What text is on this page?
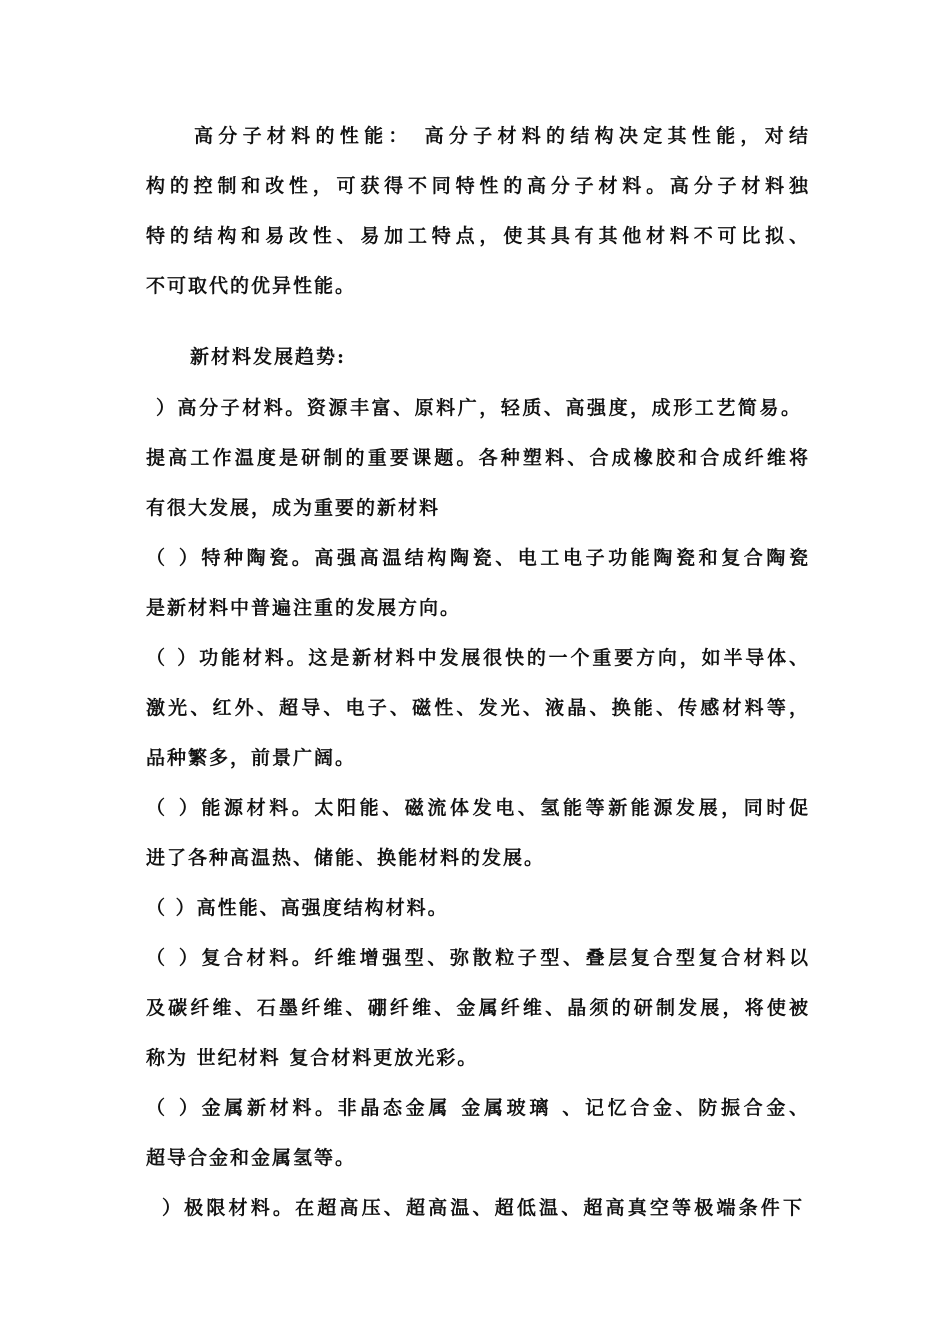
高分子材料的性能： 高分子材料的结构决定其性能，对结
构的控制和改性，可获得不同特性的高分子材料。高分子材料独
特的结构和易改性、易加工特点，使其具有其他材料不可比拟、
不可取代的优异性能。
新材料发展趋势:
）高分子材料。资源丰富、原料广，轻质、高强度，成形工艺简易。
提高工作温度是研制的重要课题。各种塑料、合成橡胶和合成纤维将
有很大发展，成为重要的新材料
（ ）特种陶瓷。高强高温结构陶瓷、电工电子功能陶瓷和复合陶瓷
是新材料中普遍注重的发展方向。
（ ）功能材料。这是新材料中发展很快的一个重要方向，如半导体、
激光、红外、超导、电子、磁性、发光、液晶、换能、传感材料等，
品种繁多，前景广阔。
（ ）能源材料。太阳能、磁流体发电、氢能等新能源发展，同时促
进了各种高温热、储能、换能材料的发展。
（ ）高性能、高强度结构材料。
（ ）复合材料。纤维增强型、弥散粒子型、叠层复合型复合材料以
及碳纤维、石墨纤维、硼纤维、金属纤维、晶须的研制发展，将使被
称为 世纪材料 复合材料更放光彩。
（ ）金属新材料。非晶态金属 金属玻璃 、记忆合金、防振合金、
超导合金和金属氢等。
）极限材料。在超高压、超高温、超低温、超高真空等极端条件下
